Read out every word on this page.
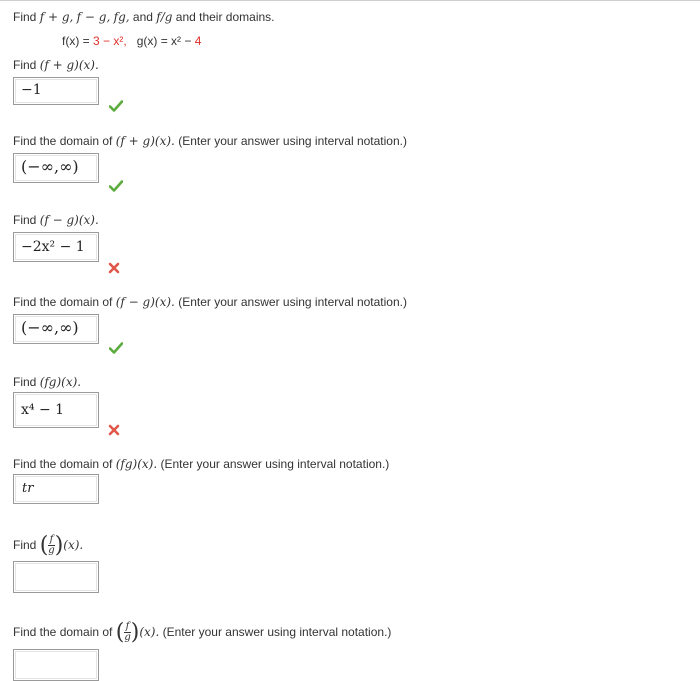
Find f + g, f − g, fg, and f/g and their domains.
f(x) = 3 − x², g(x) = x² − 4
Find (f + g)(x).
−1
Find the domain of (f + g)(x). (Enter your answer using interval notation.)
(−∞,∞)
Find (f − g)(x).
−2x² − 1
Find the domain of (f − g)(x). (Enter your answer using interval notation.)
(−∞,∞)
Find (fg)(x).
x⁴ − 1
Find the domain of (fg)(x). (Enter your answer using interval notation.)
tr
Find ( $\frac{f}{g} )(x)$.
Find the domain of ( $\frac{f}{g} )(x)$. (Enter your answer using interval notation.)
